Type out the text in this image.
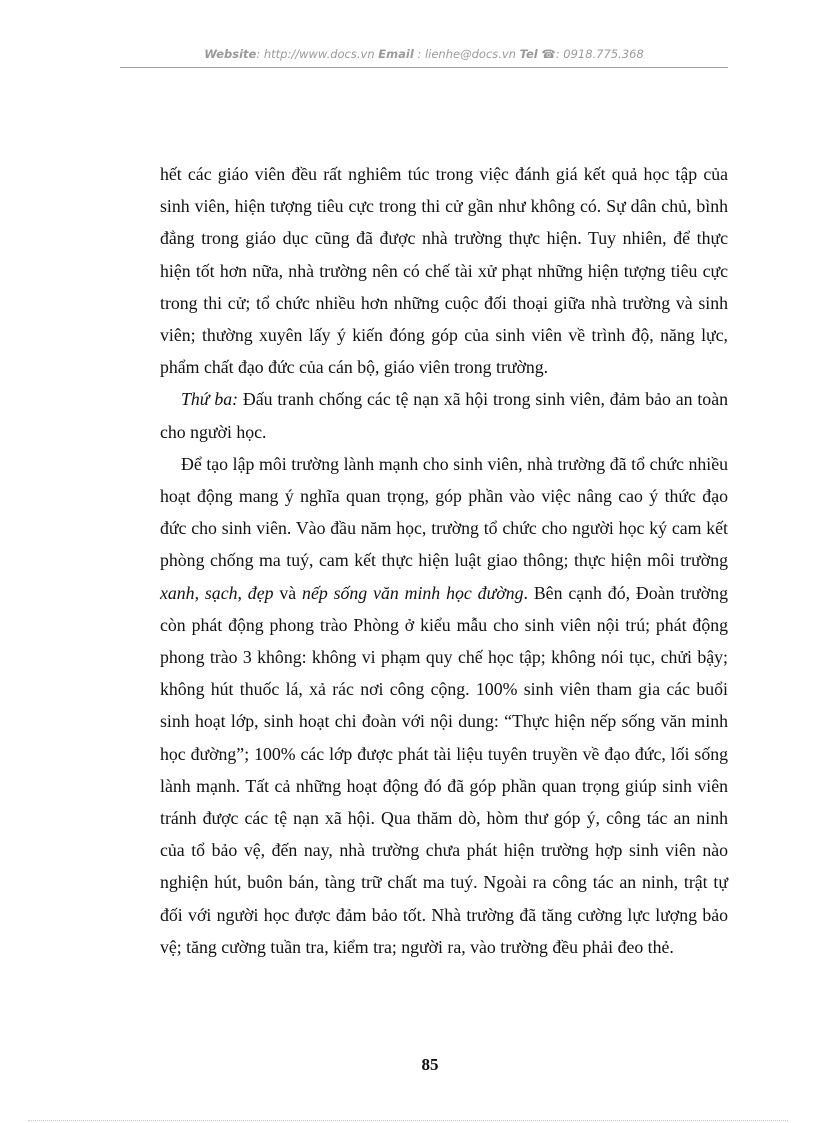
Website: http://www.docs.vn Email : lienhe@docs.vn Tel ☎: 0918.775.368

hết các giáo viên đều rất nghiêm túc trong việc đánh giá kết quả học tập của sinh viên, hiện tượng tiêu cực trong thi cử gần như không có. Sự dân chủ, bình đẳng trong giáo dục cũng đã được nhà trường thực hiện. Tuy nhiên, để thực hiện tốt hơn nữa, nhà trường nên có chế tài xử phạt những hiện tượng tiêu cực trong thi cử; tổ chức nhiều hơn những cuộc đối thoại giữa nhà trường và sinh viên; thường xuyên lấy ý kiến đóng góp của sinh viên về trình độ, năng lực, phẩm chất đạo đức của cán bộ, giáo viên trong trường.

Thứ ba: Đấu tranh chống các tệ nạn xã hội trong sinh viên, đảm bảo an toàn cho người học.

Để tạo lập môi trường lành mạnh cho sinh viên, nhà trường đã tổ chức nhiều hoạt động mang ý nghĩa quan trọng, góp phần vào việc nâng cao ý thức đạo đức cho sinh viên. Vào đầu năm học, trường tổ chức cho người học ký cam kết phòng chống ma tuý, cam kết thực hiện luật giao thông; thực hiện môi trường xanh, sạch, đẹp và nếp sống văn minh học đường. Bên cạnh đó, Đoàn trường còn phát động phong trào Phòng ở kiểu mẫu cho sinh viên nội trú; phát động phong trào 3 không: không vi phạm quy chế học tập; không nói tục, chửi bậy; không hút thuốc lá, xả rác nơi công cộng. 100% sinh viên tham gia các buổi sinh hoạt lớp, sinh hoạt chi đoàn với nội dung: “Thực hiện nếp sống văn minh học đường”; 100% các lớp được phát tài liệu tuyên truyền về đạo đức, lối sống lành mạnh. Tất cả những hoạt động đó đã góp phần quan trọng giúp sinh viên tránh được các tệ nạn xã hội. Qua thăm dò, hòm thư góp ý, công tác an ninh của tổ bảo vệ, đến nay, nhà trường chưa phát hiện trường hợp sinh viên nào nghiện hút, buôn bán, tàng trữ chất ma tuý. Ngoài ra công tác an ninh, trật tự đối với người học được đảm bảo tốt. Nhà trường đã tăng cường lực lượng bảo vệ; tăng cường tuần tra, kiểm tra; người ra, vào trường đều phải đeo thẻ.

85
